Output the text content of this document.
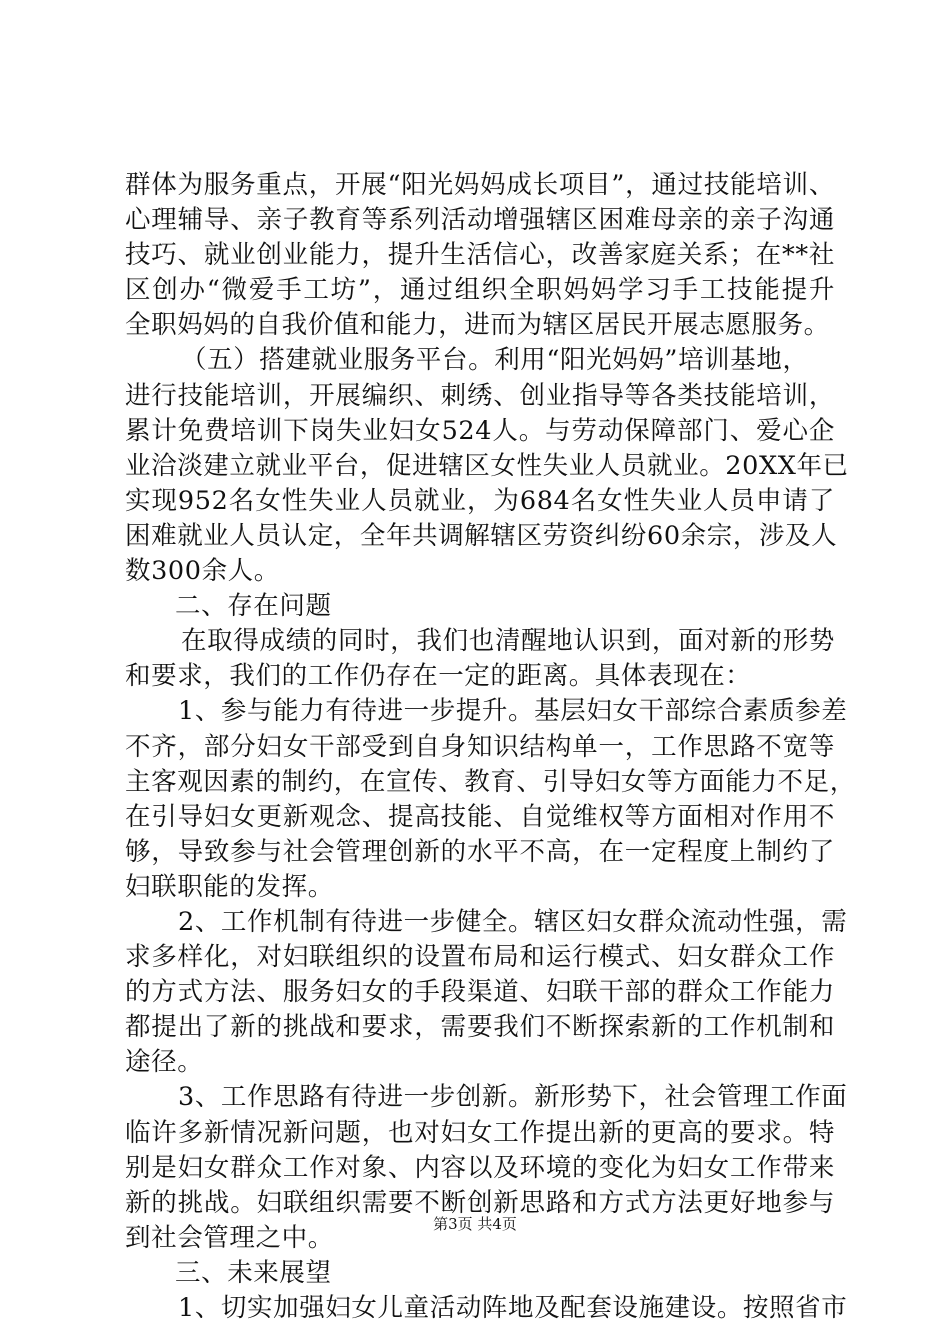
群体为服务重点，开展“阳光妈妈成长项目”，通过技能培训、
心理辅导、亲子教育等系列活动增强辖区困难母亲的亲子沟通
技巧、就业创业能力，提升生活信心，改善家庭关系；在**社
区创办“微爱手工坊”，通过组织全职妈妈学习手工技能提升
全职妈妈的自我价值和能力，进而为辖区居民开展志愿服务。
（五）搭建就业服务平台。利用“阳光妈妈”培训基地，
进行技能培训，开展编织、刺绣、创业指导等各类技能培训，
累计免费培训下岗失业妇女524人。与劳动保障部门、爱心企
业洽淡建立就业平台，促进辖区女性失业人员就业。20XX年已
实现952名女性失业人员就业，为684名女性失业人员申请了
困难就业人员认定，全年共调解辖区劳资纠纷60余宗，涉及人
数300余人。
二、存在问题
在取得成绩的同时，我们也清醒地认识到，面对新的形势
和要求，我们的工作仍存在一定的距离。具体表现在：
1、参与能力有待进一步提升。基层妇女干部综合素质参差
不齐，部分妇女干部受到自身知识结构单一，工作思路不宽等
主客观因素的制约，在宣传、教育、引导妇女等方面能力不足，
在引导妇女更新观念、提高技能、自觉维权等方面相对作用不
够，导致参与社会管理创新的水平不高，在一定程度上制约了
妇联职能的发挥。
2、工作机制有待进一步健全。辖区妇女群众流动性强，需
求多样化，对妇联组织的设置布局和运行模式、妇女群众工作
的方式方法、服务妇女的手段渠道、妇联干部的群众工作能力
都提出了新的挑战和要求，需要我们不断探索新的工作机制和
途径。
3、工作思路有待进一步创新。新形势下，社会管理工作面
临许多新情况新问题，也对妇女工作提出新的更高的要求。特
别是妇女群众工作对象、内容以及环境的变化为妇女工作带来
新的挑战。妇联组织需要不断创新思路和方式方法更好地参与
到社会管理之中。
三、未来展望
1、切实加强妇女儿童活动阵地及配套设施建设。按照省市
第3页 共4页
